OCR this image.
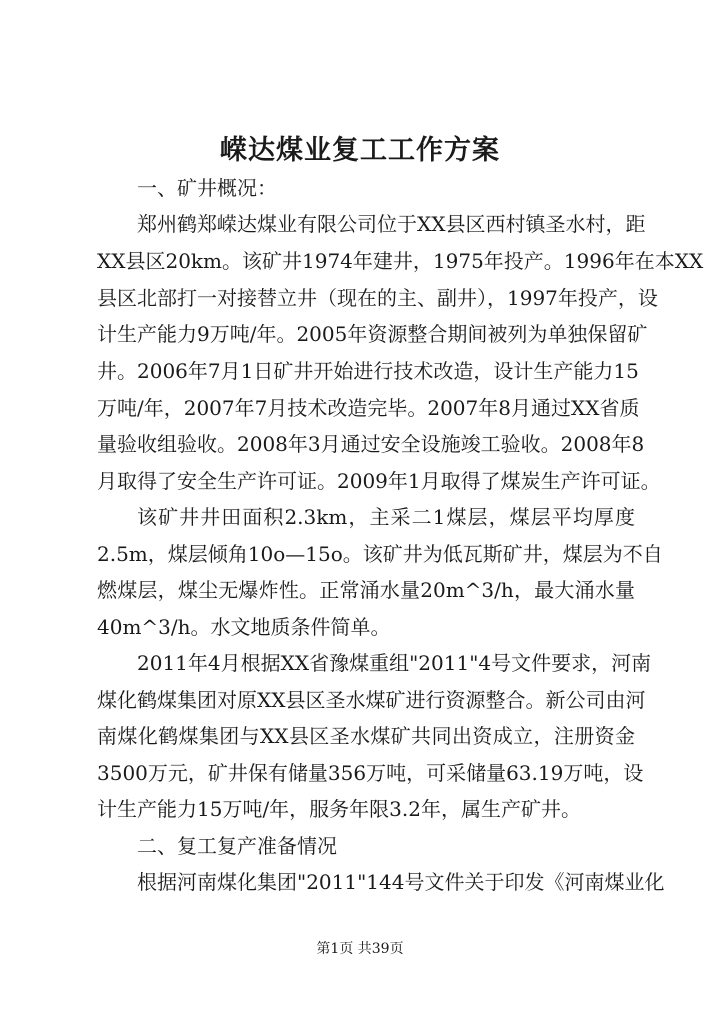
嵘达煤业复工工作方案
一、矿井概况：
郑州鹤郑嵘达煤业有限公司位于XX县区西村镇圣水村，距
XX县区20km。该矿井1974年建井，1975年投产。1996年在本XX
县区北部打一对接替立井（现在的主、副井），1997年投产，设
计生产能力9万吨/年。2005年资源整合期间被列为单独保留矿
井。2006年7月1日矿井开始进行技术改造，设计生产能力15
万吨/年，2007年7月技术改造完毕。2007年8月通过XX省质
量验收组验收。2008年3月通过安全设施竣工验收。2008年8
月取得了安全生产许可证。2009年1月取得了煤炭生产许可证。
该矿井井田面积2.3km，主采二1煤层，煤层平均厚度
2.5m，煤层倾角10o—15o。该矿井为低瓦斯矿井，煤层为不自
燃煤层，煤尘无爆炸性。正常涌水量20m^3/h，最大涌水量
40m^3/h。水文地质条件简单。
2011年4月根据XX省豫煤重组"2011"4号文件要求，河南
煤化鹤煤集团对原XX县区圣水煤矿进行资源整合。新公司由河
南煤化鹤煤集团与XX县区圣水煤矿共同出资成立，注册资金
3500万元，矿井保有储量356万吨，可采储量63.19万吨，设
计生产能力15万吨/年，服务年限3.2年，属生产矿井。
二、复工复产准备情况
根据河南煤化集团"2011"144号文件关于印发《河南煤业化
第1页 共39页
